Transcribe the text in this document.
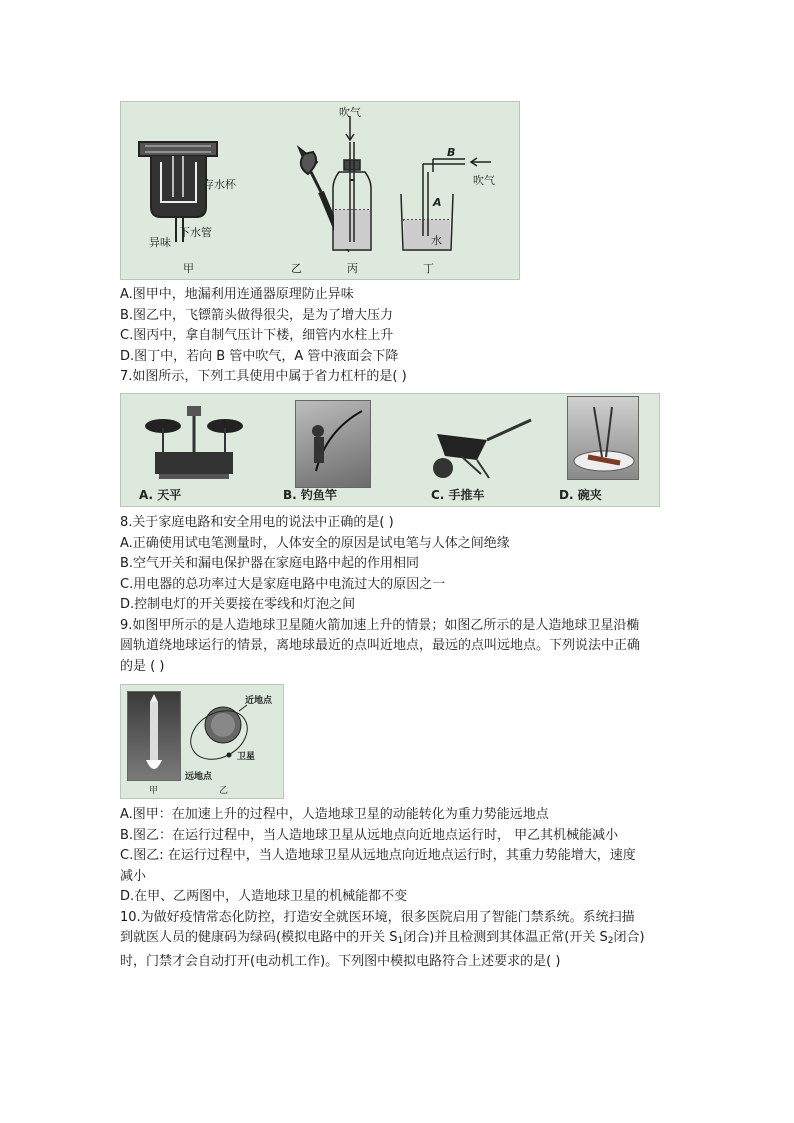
存水杯
下水管
异味
吹气
吹气
B
A
水
甲	乙	丙	丁
A.图甲中，地漏利用连通器原理防止异味
B.图乙中，飞镖箭头做得很尖，是为了增大压力
C.图丙中，拿自制气压计下楼，细管内水柱上升
D.图丁中，若向 B 管中吹气，A 管中液面会下降
7.如图所示，下列工具使用中属于省力杠杆的是( )
A. 天平	B. 钓鱼竿	C. 手推车	D. 碗夹
8.关于家庭电路和安全用电的说法中正确的是( )
A.正确使用试电笔测量时，人体安全的原因是试电笔与人体之间绝缘
B.空气开关和漏电保护器在家庭电路中起的作用相同
C.用电器的总功率过大是家庭电路中电流过大的原因之一
D.控制电灯的开关要接在零线和灯泡之间
9.如图甲所示的是人造地球卫星随火箭加速上升的情景；如图乙所示的是人造地球卫星沿椭
圆轨道绕地球运行的情景，离地球最近的点叫近地点，最远的点叫远地点。下列说法中正确
的是 ( )
近地点
卫星
远地点
甲	乙
A.图甲：在加速上升的过程中，人造地球卫星的动能转化为重力势能远地点
B.图乙：在运行过程中，当人造地球卫星从远地点向近地点运行时， 甲乙其机械能减小
C.图乙: 在运行过程中，当人造地球卫星从远地点向近地点运行时，其重力势能增大，速度
减小
D.在甲、乙两图中，人造地球卫星的机械能都不变
10.为做好疫情常态化防控，打造安全就医环境，很多医院启用了智能门禁系统。系统扫描
到就医人员的健康码为绿码(模拟电路中的开关 $S_1$闭合)并且检测到其体温正常(开关 $S_2$闭合)
时，门禁才会自动打开(电动机工作)。下列图中模拟电路符合上述要求的是( )
